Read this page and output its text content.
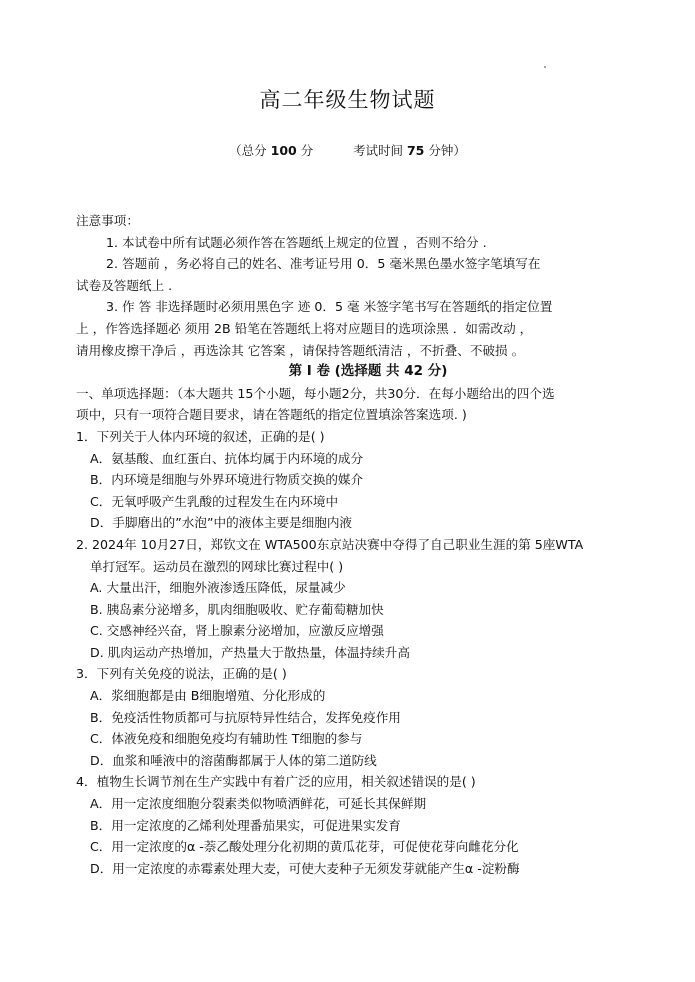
高二年级生物试题
（总分 100 分	考试时间 75 分钟）
注意事项：
1. 本试卷中所有试题必须作答在答题纸上规定的位置 ，否则不给分 .
2. 答题前 ，务必将自己的姓名、准考证号用 0．5 毫米黑色墨水签字笔填写在
试卷及答题纸上 .
3. 作 答 非选择题时必须用黑色字 迹 0．5 毫 米签字笔书写在答题纸的指定位置
上 ，作答选择题必 须用 2B 铅笔在答题纸上将对应题目的选项涂黑 ．如需改动 ，
请用橡皮擦干净后 ，再选涂其 它答案 ，请保持答题纸清洁 ，不折叠、不破损 。
第 I 卷 (选择题 共 42 分)
一、单项选择题：（本大题共 15个小题，每小题2分，共30分．在每小题给出的四个选
项中，只有一项符合题目要求，请在答题纸的指定位置填涂答案选项. )
1．下列关于人体内环境的叙述，正确的是( )
A．氨基酸、血红蛋白、抗体均属于内环境的成分
B．内环境是细胞与外界环境进行物质交换的媒介
C．无氧呼吸产生乳酸的过程发生在内环境中
D．手脚磨出的”水泡”中的液体主要是细胞内液
2. 2024年 10月27日，郑钦文在 WTA500东京站决赛中夺得了自己职业生涯的第 5座WTA
单打冠军。运动员在激烈的网球比赛过程中( )
A. 大量出汗，细胞外液渗透压降低，尿量减少
B. 胰岛素分泌增多，肌肉细胞吸收、贮存葡萄糖加快
C. 交感神经兴奋，肾上腺素分泌增加，应激反应增强
D. 肌肉运动产热增加，产热量大于散热量，体温持续升高
3．下列有关免疫的说法，正确的是( )
A．浆细胞都是由 B细胞增殖、分化形成的
B．免疫活性物质都可与抗原特异性结合，发挥免疫作用
C．体液免疫和细胞免疫均有辅助性 T细胞的参与
D．血浆和唾液中的溶菌酶都属于人体的第二道防线
4．植物生长调节剂在生产实践中有着广泛的应用，相关叙述错误的是( )
A．用一定浓度细胞分裂素类似物喷洒鲜花，可延长其保鲜期
B．用一定浓度的乙烯利处理番茄果实，可促进果实发育
C．用一定浓度的α -萘乙酸处理分化初期的黄瓜花芽，可促使花芽向雌花分化
D．用一定浓度的赤霉素处理大麦，可使大麦种子无须发芽就能产生α -淀粉酶
